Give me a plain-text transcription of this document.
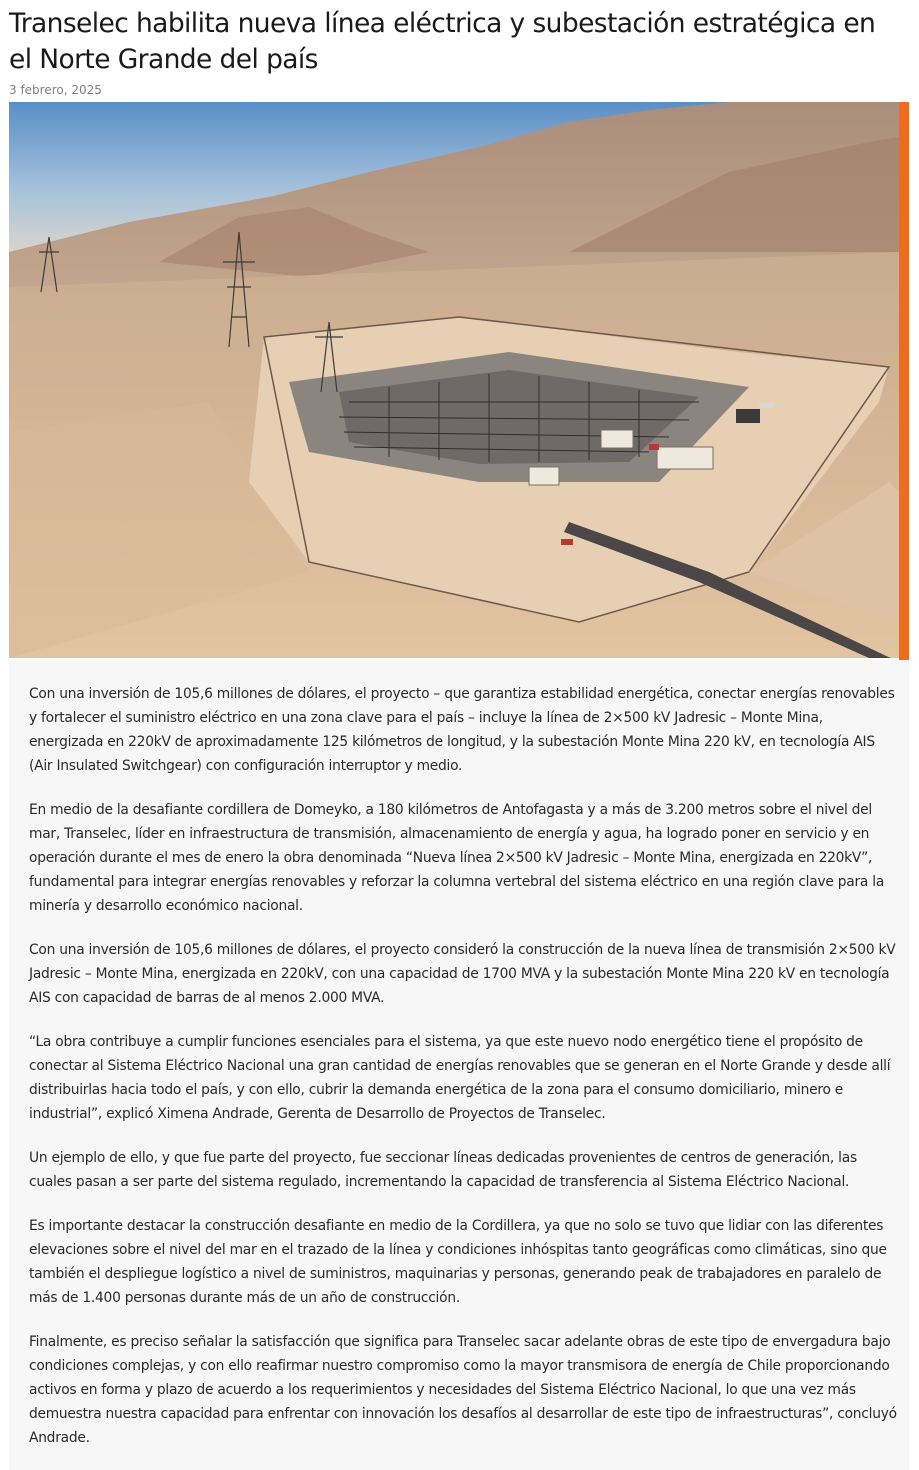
Transelec habilita nueva línea eléctrica y subestación estratégica en el Norte Grande del país
3 febrero, 2025

Con una inversión de 105,6 millones de dólares, el proyecto – que garantiza estabilidad energética, conectar energías renovables y fortalecer el suministro eléctrico en una zona clave para el país – incluye la línea de 2×500 kV Jadresic – Monte Mina, energizada en 220kV de aproximadamente 125 kilómetros de longitud, y la subestación Monte Mina 220 kV, en tecnología AIS (Air Insulated Switchgear) con configuración interruptor y medio.

En medio de la desafiante cordillera de Domeyko, a 180 kilómetros de Antofagasta y a más de 3.200 metros sobre el nivel del mar, Transelec, líder en infraestructura de transmisión, almacenamiento de energía y agua, ha logrado poner en servicio y en operación durante el mes de enero la obra denominada “Nueva línea 2×500 kV Jadresic – Monte Mina, energizada en 220kV”, fundamental para integrar energías renovables y reforzar la columna vertebral del sistema eléctrico en una región clave para la minería y desarrollo económico nacional.

Con una inversión de 105,6 millones de dólares, el proyecto consideró la construcción de la nueva línea de transmisión 2×500 kV Jadresic – Monte Mina, energizada en 220kV, con una capacidad de 1700 MVA y la subestación Monte Mina 220 kV en tecnología AIS con capacidad de barras de al menos 2.000 MVA.

“La obra contribuye a cumplir funciones esenciales para el sistema, ya que este nuevo nodo energético tiene el propósito de conectar al Sistema Eléctrico Nacional una gran cantidad de energías renovables que se generan en el Norte Grande y desde allí distribuirlas hacia todo el país, y con ello, cubrir la demanda energética de la zona para el consumo domiciliario, minero e industrial”, explicó Ximena Andrade, Gerenta de Desarrollo de Proyectos de Transelec.

Un ejemplo de ello, y que fue parte del proyecto, fue seccionar líneas dedicadas provenientes de centros de generación, las cuales pasan a ser parte del sistema regulado, incrementando la capacidad de transferencia al Sistema Eléctrico Nacional.

Es importante destacar la construcción desafiante en medio de la Cordillera, ya que no solo se tuvo que lidiar con las diferentes elevaciones sobre el nivel del mar en el trazado de la línea y condiciones inhóspitas tanto geográficas como climáticas, sino que también el despliegue logístico a nivel de suministros, maquinarias y personas, generando peak de trabajadores en paralelo de más de 1.400 personas durante más de un año de construcción.

Finalmente, es preciso señalar la satisfacción que significa para Transelec sacar adelante obras de este tipo de envergadura bajo condiciones complejas, y con ello reafirmar nuestro compromiso como la mayor transmisora de energía de Chile proporcionando activos en forma y plazo de acuerdo a los requerimientos y necesidades del Sistema Eléctrico Nacional, lo que una vez más demuestra nuestra capacidad para enfrentar con innovación los desafíos al desarrollar de este tipo de infraestructuras”, concluyó Andrade.
